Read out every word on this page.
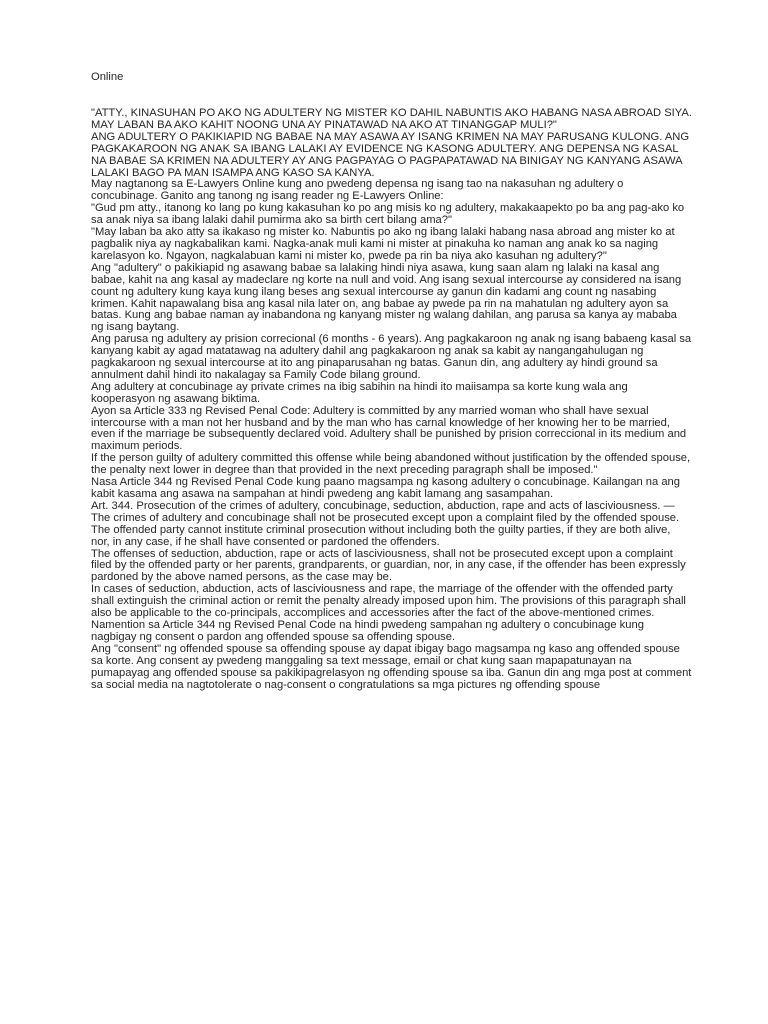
Online

"ATTY., KINASUHAN PO AKO NG ADULTERY NG MISTER KO DAHIL NABUNTIS AKO HABANG NASA ABROAD SIYA. MAY LABAN BA AKO KAHIT NOONG UNA AY PINATAWAD NA AKO AT TINANGGAP MULI?"

ANG ADULTERY O PAKIKIAPID NG BABAE NA MAY ASAWA AY ISANG KRIMEN NA MAY PARUSANG KULONG. ANG PAGKAKAROON NG ANAK SA IBANG LALAKI AY EVIDENCE NG KASONG ADULTERY. ANG DEPENSA NG KASAL NA BABAE SA KRIMEN NA ADULTERY AY ANG PAGPAYAG O PAGPAPATAWAD NA BINIGAY NG KANYANG ASAWA LALAKI BAGO PA MAN ISAMPA ANG KASO SA KANYA.

May nagtanong sa E-Lawyers Online kung ano pwedeng depensa ng isang tao na nakasuhan ng adultery o concubinage. Ganito ang tanong ng isang reader ng E-Lawyers Online:

"Gud pm atty., itanong ko lang po kung kakasuhan ko po ang misis ko ng adultery, makakaapekto po ba ang pag-ako ko sa anak niya sa ibang lalaki dahil pumirma ako sa birth cert bilang ama?"

"May laban ba ako atty sa ikakaso ng mister ko. Nabuntis po ako ng ibang lalaki habang nasa abroad ang mister ko at pagbalik niya ay nagkabalikan kami. Nagka-anak muli kami ni mister at pinakuha ko naman ang anak ko sa naging karelasyon ko. Ngayon, nagkalabuan kami ni mister ko, pwede pa rin ba niya ako kasuhan ng adultery?"

Ang "adultery" o pakikiapid ng asawang babae sa lalaking hindi niya asawa, kung saan alam ng lalaki na kasal ang babae, kahit na ang kasal ay madeclare ng korte na null and void. Ang isang sexual intercourse ay considered na isang count ng adultery kung kaya kung ilang beses ang sexual intercourse ay ganun din kadami ang count ng nasabing krimen. Kahit napawalang bisa ang kasal nila later on, ang babae ay pwede pa rin na mahatulan ng adultery ayon sa batas. Kung ang babae naman ay inabandona ng kanyang mister ng walang dahilan, ang parusa sa kanya ay mababa ng isang baytang.

Ang parusa ng adultery ay prision correcional (6 months - 6 years). Ang pagkakaroon ng anak ng isang babaeng kasal sa kanyang kabit ay agad matatawag na adultery dahil ang pagkakaroon ng anak sa kabit ay nangangahulugan ng pagkakaroon ng sexual intercourse at ito ang pinaparusahan ng batas. Ganun din, ang adultery ay hindi ground sa annulment dahil hindi ito nakalagay sa Family Code bilang ground.

Ang adultery at concubinage ay private crimes na ibig sabihin na hindi ito maiisampa sa korte kung wala ang kooperasyon ng asawang biktima.

Ayon sa Article 333 ng Revised Penal Code: Adultery is committed by any married woman who shall have sexual intercourse with a man not her husband and by the man who has carnal knowledge of her knowing her to be married, even if the marriage be subsequently declared void. Adultery shall be punished by prision correccional in its medium and maximum periods.

If the person guilty of adultery committed this offense while being abandoned without justification by the offended spouse, the penalty next lower in degree than that provided in the next preceding paragraph shall be imposed."

Nasa Article 344 ng Revised Penal Code kung paano magsampa ng kasong adultery o concubinage. Kailangan na ang kabit kasama ang asawa na sampahan at hindi pwedeng ang kabit lamang ang sasampahan.

Art. 344. Prosecution of the crimes of adultery, concubinage, seduction, abduction, rape and acts of lasciviousness. — The crimes of adultery and concubinage shall not be prosecuted except upon a complaint filed by the offended spouse.

The offended party cannot institute criminal prosecution without including both the guilty parties, if they are both alive, nor, in any case, if he shall have consented or pardoned the offenders.

The offenses of seduction, abduction, rape or acts of lasciviousness, shall not be prosecuted except upon a complaint filed by the offended party or her parents, grandparents, or guardian, nor, in any case, if the offender has been expressly pardoned by the above named persons, as the case may be.

In cases of seduction, abduction, acts of lasciviousness and rape, the marriage of the offender with the offended party shall extinguish the criminal action or remit the penalty already imposed upon him. The provisions of this paragraph shall also be applicable to the co-principals, accomplices and accessories after the fact of the above-mentioned crimes.

Namention sa Article 344 ng Revised Penal Code na hindi pwedeng sampahan ng adultery o concubinage kung nagbigay ng consent o pardon ang offended spouse sa offending spouse.

Ang "consent" ng offended spouse sa offending spouse ay dapat ibigay bago magsampa ng kaso ang offended spouse sa korte. Ang consent ay pwedeng manggaling sa text message, email or chat kung saan mapapatunayan na pumapayag ang offended spouse sa pakikipagrelasyon ng offending spouse sa iba. Ganun din ang mga post at comment sa social media na nagtotolerate o nag-consent o congratulations sa mga pictures ng offending spouse
